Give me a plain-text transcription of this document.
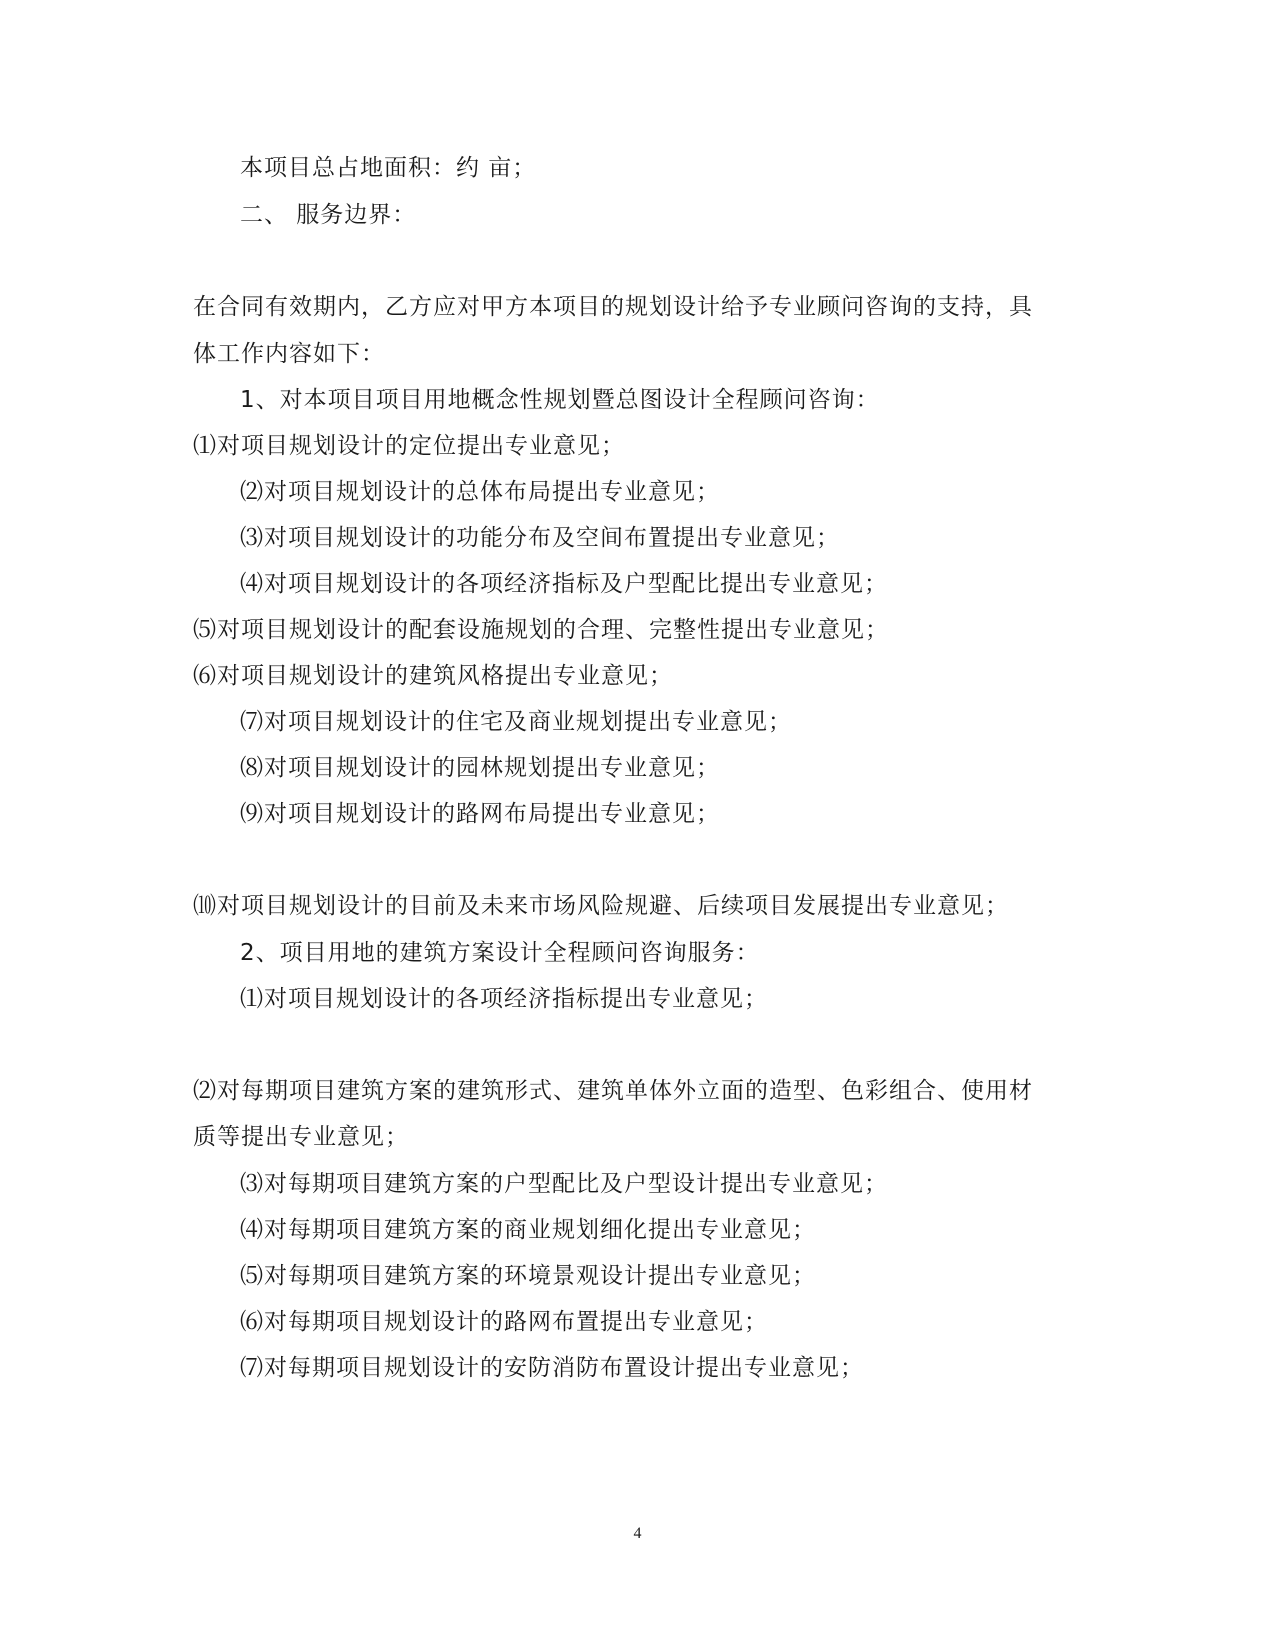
本项目总占地面积：约 亩；
二、 服务边界：
在合同有效期内，乙方应对甲方本项目的规划设计给予专业顾问咨询的支持，具
体工作内容如下：
1、对本项目项目用地概念性规划暨总图设计全程顾问咨询：
⑴对项目规划设计的定位提出专业意见；
⑵对项目规划设计的总体布局提出专业意见；
⑶对项目规划设计的功能分布及空间布置提出专业意见；
⑷对项目规划设计的各项经济指标及户型配比提出专业意见；
⑸对项目规划设计的配套设施规划的合理、完整性提出专业意见；
⑹对项目规划设计的建筑风格提出专业意见；
⑺对项目规划设计的住宅及商业规划提出专业意见；
⑻对项目规划设计的园林规划提出专业意见；
⑼对项目规划设计的路网布局提出专业意见；
⑽对项目规划设计的目前及未来市场风险规避、后续项目发展提出专业意见；
2、项目用地的建筑方案设计全程顾问咨询服务：
⑴对项目规划设计的各项经济指标提出专业意见；
⑵对每期项目建筑方案的建筑形式、建筑单体外立面的造型、色彩组合、使用材
质等提出专业意见；
⑶对每期项目建筑方案的户型配比及户型设计提出专业意见；
⑷对每期项目建筑方案的商业规划细化提出专业意见；
⑸对每期项目建筑方案的环境景观设计提出专业意见；
⑹对每期项目规划设计的路网布置提出专业意见；
⑺对每期项目规划设计的安防消防布置设计提出专业意见；
4
